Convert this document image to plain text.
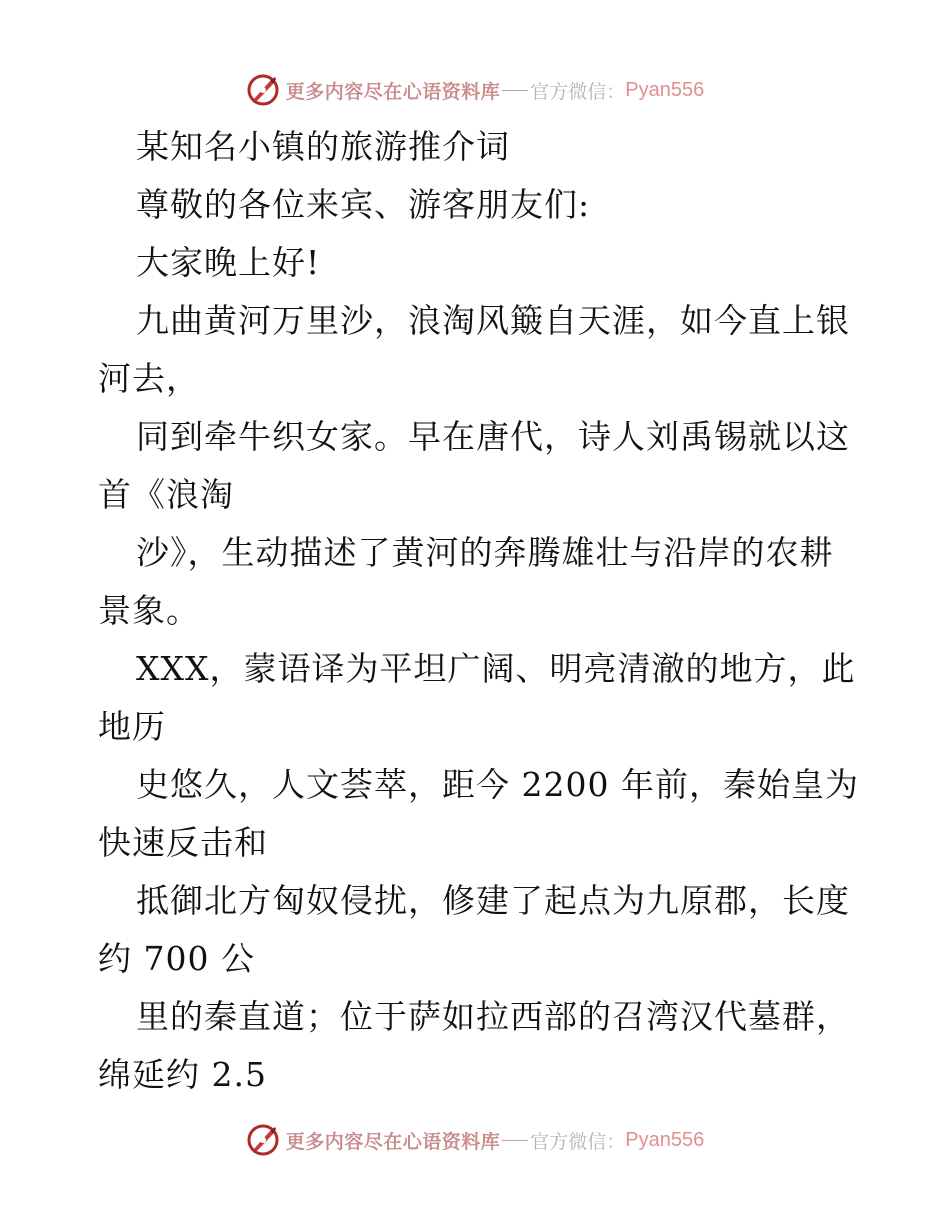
更多内容尽在心语资料库 官方微信： Pyan556
某知名小镇的旅游推介词
尊敬的各位来宾、游客朋友们:
大家晚上好!
九曲黄河万里沙，浪淘风簸自天涯，如今直上银
河去，
同到牵牛织女家。早在唐代，诗人刘禹锡就以这
首《浪淘
沙》，生动描述了黄河的奔腾雄壮与沿岸的农耕
景象。
XXX，蒙语译为平坦广阔、明亮清澈的地方，此
地历
史悠久，人文荟萃，距今 2200 年前，秦始皇为
快速反击和
抵御北方匈奴侵扰，修建了起点为九原郡，长度
约 700 公
里的秦直道；位于萨如拉西部的召湾汉代墓群，
绵延约 2.5
更多内容尽在心语资料库 官方微信： Pyan556
